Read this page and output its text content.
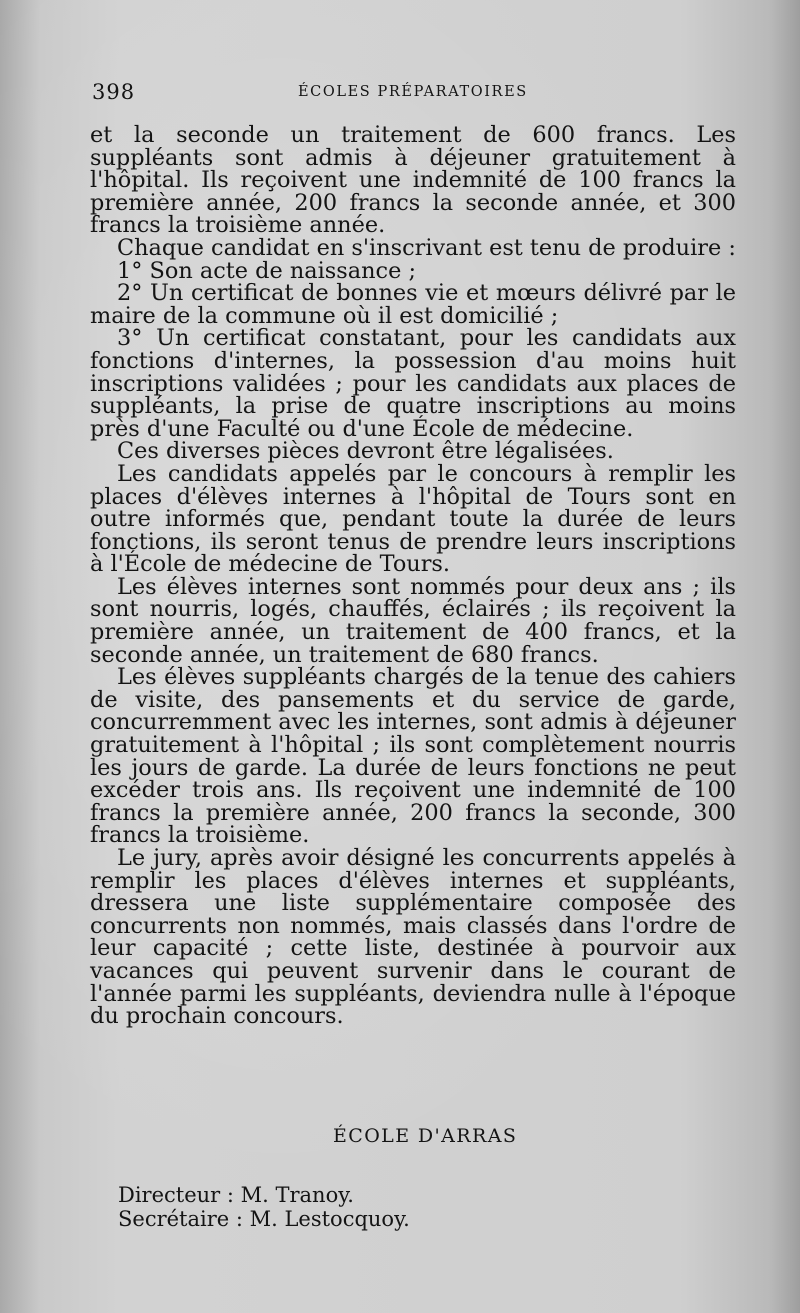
398	ÉCOLES PRÉPARATOIRES

et la seconde un traitement de 600 francs. Les suppléants sont admis à déjeuner gratuitement à l'hôpital. Ils reçoivent une indemnité de 100 francs la première année, 200 francs la seconde année, et 300 francs la troisième année.

Chaque candidat en s'inscrivant est tenu de produire :

1° Son acte de naissance ;

2° Un certificat de bonnes vie et mœurs délivré par le maire de la commune où il est domicilié ;

3° Un certificat constatant, pour les candidats aux fonctions d'internes, la possession d'au moins huit inscriptions validées ; pour les candidats aux places de suppléants, la prise de quatre inscriptions au moins près d'une Faculté ou d'une École de médecine.

Ces diverses pièces devront être légalisées.

Les candidats appelés par le concours à remplir les places d'élèves internes à l'hôpital de Tours sont en outre informés que, pendant toute la durée de leurs fonctions, ils seront tenus de prendre leurs inscriptions à l'École de médecine de Tours.

Les élèves internes sont nommés pour deux ans ; ils sont nourris, logés, chauffés, éclairés ; ils reçoivent la première année, un traitement de 400 francs, et la seconde année, un traitement de 680 francs.

Les élèves suppléants chargés de la tenue des cahiers de visite, des pansements et du service de garde, concurremment avec les internes, sont admis à déjeuner gratuitement à l'hôpital ; ils sont complètement nourris les jours de garde. La durée de leurs fonctions ne peut excéder trois ans. Ils reçoivent une indemnité de 100 francs la première année, 200 francs la seconde, 300 francs la troisième.

Le jury, après avoir désigné les concurrents appelés à remplir les places d'élèves internes et suppléants, dressera une liste supplémentaire composée des concurrents non nommés, mais classés dans l'ordre de leur capacité ; cette liste, destinée à pourvoir aux vacances qui peuvent survenir dans le courant de l'année parmi les suppléants, deviendra nulle à l'époque du prochain concours.

ÉCOLE D'ARRAS
Directeur : M. Tranoy.
Secrétaire : M. Lestocquoy.
